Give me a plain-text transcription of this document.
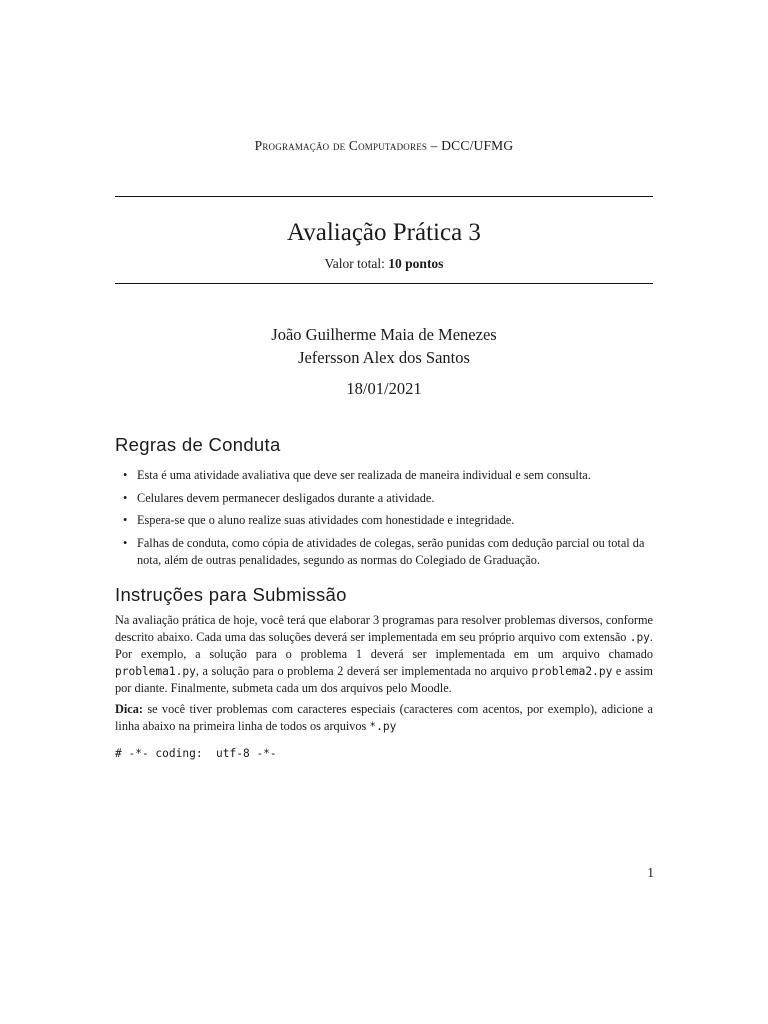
Programação de Computadores – DCC/UFMG
Avaliação Prática 3
Valor total: 10 pontos
João Guilherme Maia de Menezes
Jefersson Alex dos Santos
18/01/2021
Regras de Conduta
• Esta é uma atividade avaliativa que deve ser realizada de maneira individual e sem consulta.
• Celulares devem permanecer desligados durante a atividade.
• Espera-se que o aluno realize suas atividades com honestidade e integridade.
• Falhas de conduta, como cópia de atividades de colegas, serão punidas com dedução parcial ou total da nota, além de outras penalidades, segundo as normas do Colegiado de Graduação.
Instruções para Submissão

Na avaliação prática de hoje, você terá que elaborar 3 programas para resolver problemas diversos, conforme descrito abaixo. Cada uma das soluções deverá ser implementada em seu próprio arquivo com extensão .py. Por exemplo, a solução para o problema 1 deverá ser implementada em um arquivo chamado problema1.py, a solução para o problema 2 deverá ser implementada no arquivo problema2.py e assim por diante. Finalmente, submeta cada um dos arquivos pelo Moodle.

Dica: se você tiver problemas com caracteres especiais (caracteres com acentos, por exemplo), adicione a linha abaixo na primeira linha de todos os arquivos *.py

# -*- coding:  utf-8 -*-
1
